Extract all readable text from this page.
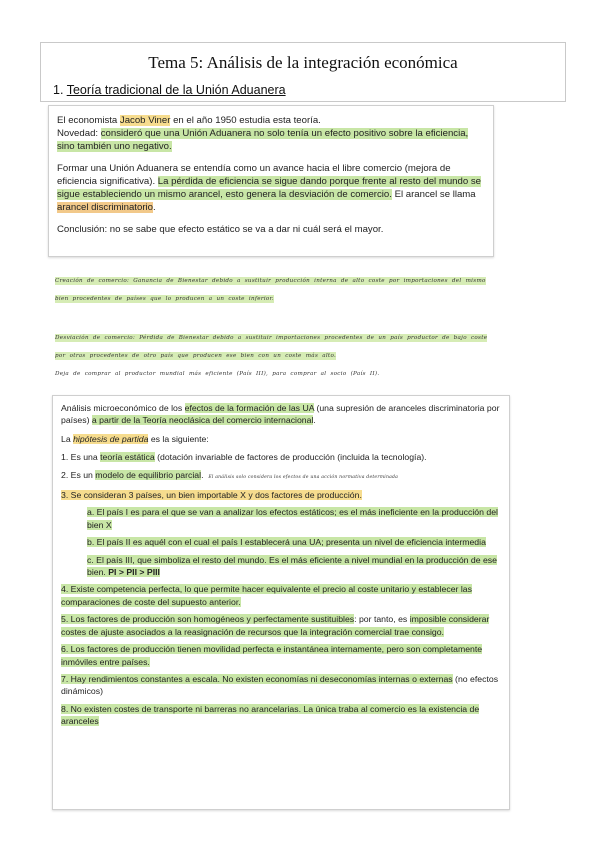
Tema 5: Análisis de la integración económica
1. Teoría tradicional de la Unión Aduanera

El economista Jacob Viner en el año 1950 estudia esta teoría.
Novedad: consideró que una Unión Aduanera no solo tenía un efecto positivo sobre la eficiencia, sino también uno negativo.

Formar una Unión Aduanera se entendía como un avance hacia el libre comercio (mejora de eficiencia significativa). La pérdida de eficiencia se sigue dando porque frente al resto del mundo se sigue estableciendo un mismo arancel, esto genera la desviación de comercio. El arancel se llama arancel discriminatorio.

Conclusión: no se sabe que efecto estático se va a dar ni cuál será el mayor.

Creación de comercio: Ganancia de Bienestar debido a sustituir producción interna de alto coste por importaciones del mismo
bien procedentes de países que lo producen a un coste inferior.
Desviación de comercio: Pérdida de Bienestar debido a sustituir importaciones procedentes de un país productor de bajo coste
por otras procedentes de otro país que producen ese bien con un coste más alto.
Deja de comprar al productor mundial más eficiente (País III), para comprar al socio (País II).

Análisis microeconómico de los efectos de la formación de las UA (una supresión de aranceles discriminatoria por países) a partir de la Teoría neoclásica del comercio internacional.

La hipótesis de partida es la siguiente:

1. Es una teoría estática (dotación invariable de factores de producción (incluida la tecnología).
2. Es un modelo de equilibrio parcial. El análisis solo considera los efectos de una acción normativa determinada
3. Se consideran 3 países, un bien importable X y dos factores de producción.
a. El país I es para el que se van a analizar los efectos estáticos; es el más ineficiente en la producción del bien X
b. El país II es aquél con el cual el país I establecerá una UA; presenta un nivel de eficiencia intermedia
c. El país III, que simboliza el resto del mundo. Es el más eficiente a nivel mundial en la producción de ese bien. PI > PII > PIII
4. Existe competencia perfecta, lo que permite hacer equivalente el precio al coste unitario y establecer las comparaciones de coste del supuesto anterior.
5. Los factores de producción son homogéneos y perfectamente sustituibles: por tanto, es imposible considerar costes de ajuste asociados a la reasignación de recursos que la integración comercial trae consigo.
6. Los factores de producción tienen movilidad perfecta e instantánea internamente, pero son completamente inmóviles entre países.
7. Hay rendimientos constantes a escala. No existen economías ni deseconomías internas o externas (no efectos dinámicos)
8. No existen costes de transporte ni barreras no arancelarias. La única traba al comercio es la existencia de aranceles
